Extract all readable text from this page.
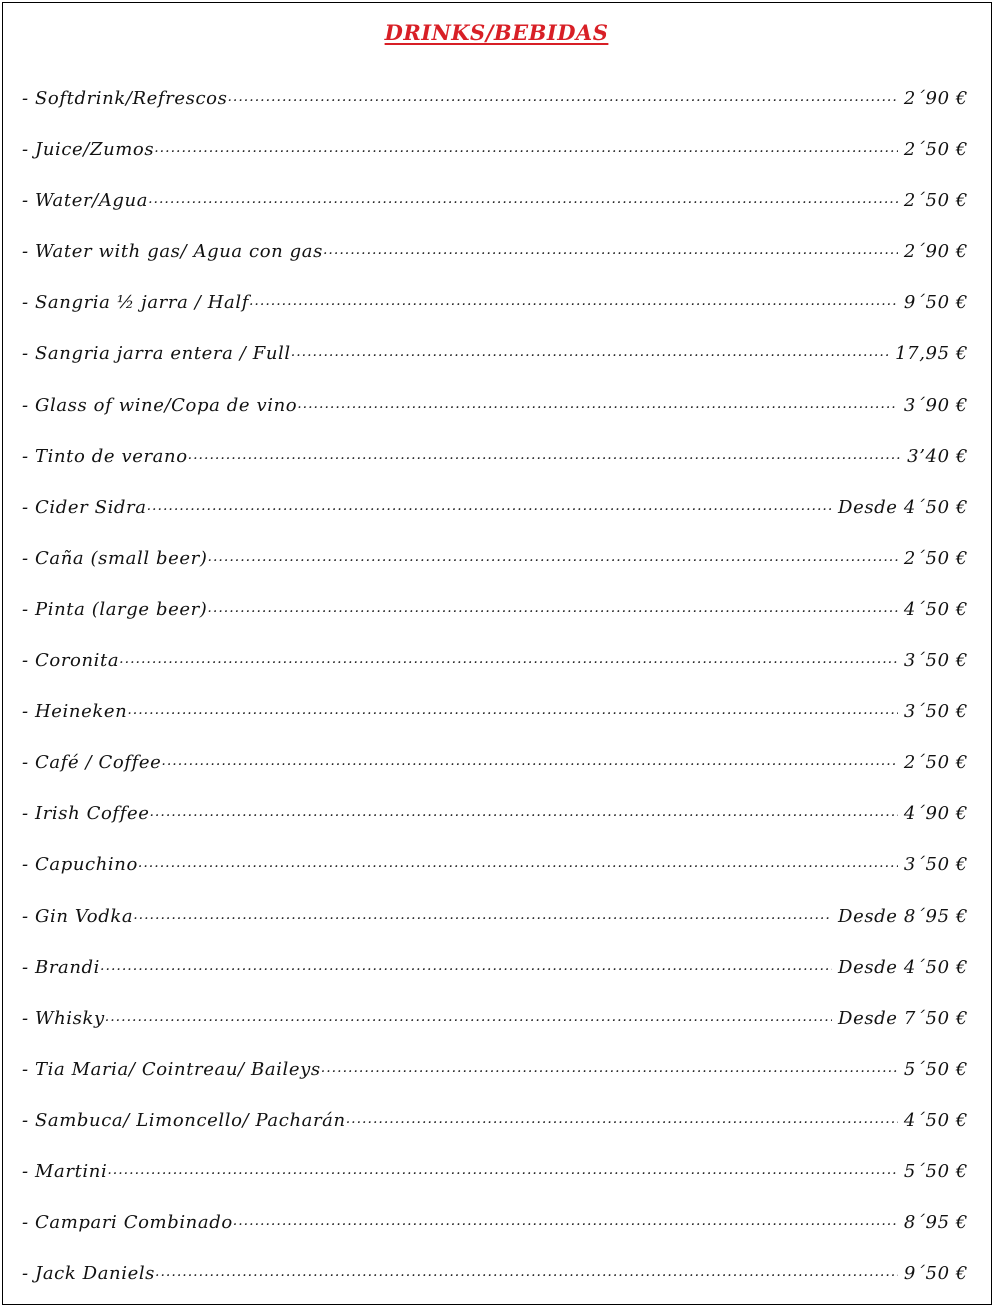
DRINKS/BEBIDAS
- Softdrink/Refrescos .....	2´90 €
- Juice/Zumos .....	2´50 €
- Water/Agua .....	2´50 €
- Water with gas/ Agua con gas .....	2´90 €
- Sangria ½ jarra / Half .....	9´50 €
- Sangria jarra entera / Full .....	17,95 €
- Glass of wine/Copa de vino .....	3´90 €
- Tinto de verano .....	3’40 €
- Cider Sidra .....	Desde 4´50 €
- Caña (small beer) .....	2´50 €
- Pinta (large beer) .....	4´50 €
- Coronita .....	3´50 €
- Heineken .....	3´50 €
- Café / Coffee .....	2´50 €
- Irish Coffee .....	4´90 €
- Capuchino .....	3´50 €
- Gin Vodka .....	Desde 8´95 €
- Brandi .....	Desde 4´50 €
- Whisky .....	Desde 7´50 €
- Tia Maria/ Cointreau/ Baileys .....	5´50 €
- Sambuca/ Limoncello/ Pacharán .....	4´50 €
- Martini .....	5´50 €
- Campari Combinado .....	8´95 €
- Jack Daniels .....	9´50 €
